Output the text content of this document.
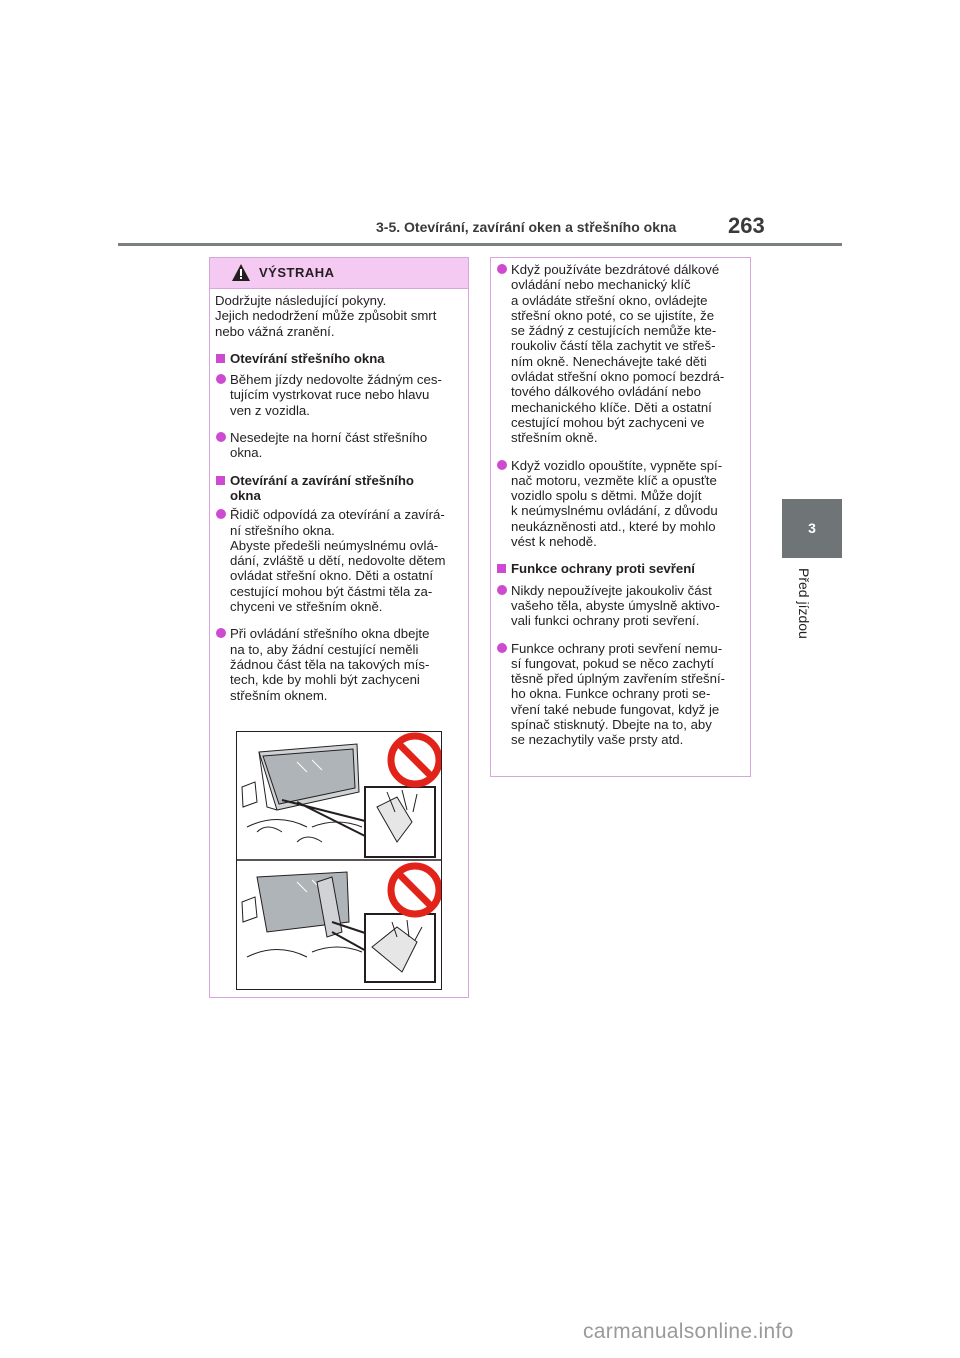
3-5. Otevírání, zavírání oken a střešního okna	263
3
Před jízdou
VÝSTRAHA
Dodržujte následující pokyny.
Jejich nedodržení může způsobit smrt
nebo vážná zranění.
Otevírání střešního okna
Během jízdy nedovolte žádným ces-
tujícím vystrkovat ruce nebo hlavu
ven z vozidla.
Nesedejte na horní část střešního
okna.
Otevírání a zavírání střešního
okna
Řidič odpovídá za otevírání a zavírá-
ní střešního okna.
Abyste předešli neúmyslnému ovlá-
dání, zvláště u dětí, nedovolte dětem
ovládat střešní okno. Děti a ostatní
cestující mohou být částmi těla za-
chyceni ve střešním okně.
Při ovládání střešního okna dbejte
na to, aby žádní cestující neměli
žádnou část těla na takových mís-
tech, kde by mohli být zachyceni
střešním oknem.
Když používáte bezdrátové dálkové
ovládání nebo mechanický klíč
a ovládáte střešní okno, ovládejte
střešní okno poté, co se ujistíte, že
se žádný z cestujících nemůže kte-
roukoliv částí těla zachytit ve střeš-
ním okně. Nenechávejte také děti
ovládat střešní okno pomocí bezdrá-
tového dálkového ovládání nebo
mechanického klíče. Děti a ostatní
cestující mohou být zachyceni ve
střešním okně.
Když vozidlo opouštíte, vypněte spí-
nač motoru, vezměte klíč a opusťte
vozidlo spolu s dětmi. Může dojít
k neúmyslnému ovládání, z důvodu
neukázněnosti atd., které by mohlo
vést k nehodě.
Funkce ochrany proti sevření
Nikdy nepoužívejte jakoukoliv část
vašeho těla, abyste úmyslně aktivo-
vali funkci ochrany proti sevření.
Funkce ochrany proti sevření nemu-
sí fungovat, pokud se něco zachytí
těsně před úplným zavřením střešní-
ho okna. Funkce ochrany proti se-
vření také nebude fungovat, když je
spínač stisknutý. Dbejte na to, aby
se nezachytily vaše prsty atd.
carmanualsonline.info
